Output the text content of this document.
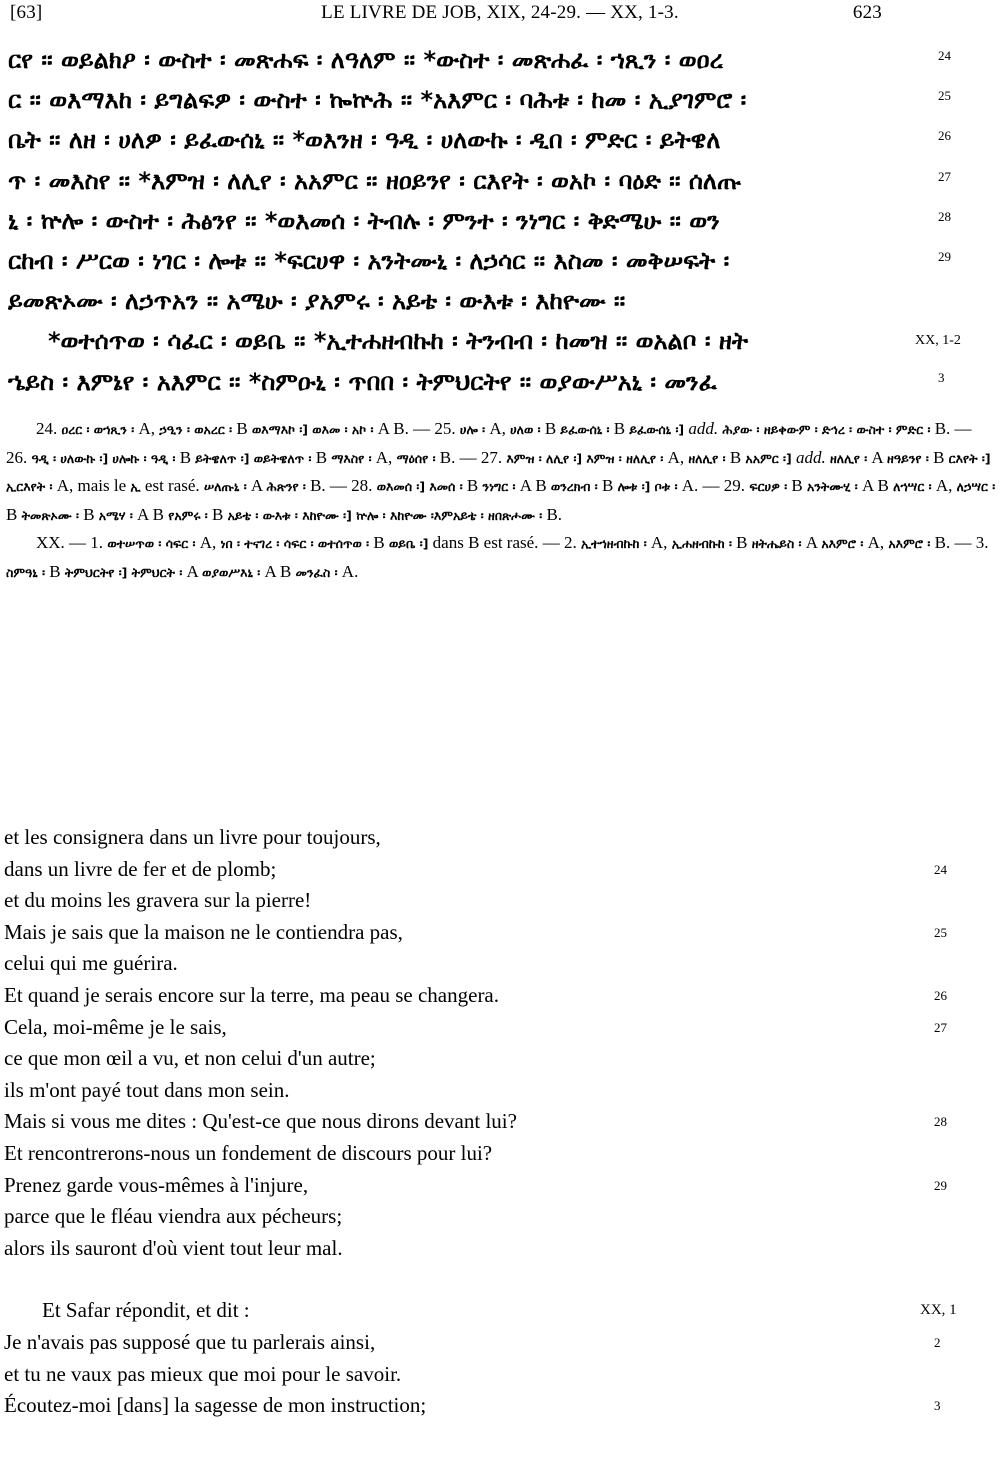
[63]	LE LIVRE DE JOB, XIX, 24-29. — XX, 1-3.	623
ርየ ፡፡ ወይልክዖ ፡ ውስተ ፡ መጽሐፍ ፡ ለዓለም ፡፡ *ውስተ ፡ መጽሐፈ ፡ ኀጺን ፡ ወዐረ	24
ር ፡፡ ወእማእከ ፡ ይግልፍዎ ፡ ውስተ ፡ ኰኵሕ ፡፡ *አእምር ፡ ባሕቱ ፡ ከመ ፡ ኢያገምሮ ፡	25
ቤት ፡፡ ለዘ ፡ ሀለዎ ፡ ይፈውሰኒ ፡፡ *ወእንዘ ፡ ዓዲ ፡ ሀለውኩ ፡ ዲበ ፡ ምድር ፡ ይትዌለ	26
ጥ ፡ መእስየ ፡፡ *እምዝ ፡ ለሊየ ፡ አአምር ፡፡ ዘዐይንየ ፡ ርእየት ፡ ወአኮ ፡ ባዕድ ፡፡ ሰለጡ	27
ኒ ፡ ኵሎ ፡ ውስተ ፡ ሕፅንየ ፡፡ *ወእመሰ ፡ ትብሉ ፡ ምንተ ፡ ንነግር ፡ ቅድሜሁ ፡፡ ወን	28
ርከብ ፡ ሥርወ ፡ ነገር ፡ ሎቱ ፡፡ *ፍርሀዋ ፡ አንትሙኒ ፡ ለኃሳር ፡፡ እስመ ፡ መቅሠፍት ፡	29
ይመጽኦሙ ፡ ለኃጥአን ፡፡ አሜሁ ፡ ያአምሩ ፡ አይቴ ፡ ውእቱ ፡ እከዮሙ ፡፡
*ወተሰጥወ ፡ ሳፈር ፡ ወይቤ ፡፡ *ኢተሐዘብኩከ ፡ ትንብብ ፡ ከመዝ ፡፡ ወአልቦ ፡ ዘት	XX, 1-2
ኄይስ ፡ እምኔየ ፡ አእምር ፡፡ *ስምዑኒ ፡ ጥበበ ፡ ትምህርትየ ፡፡ ወያውሥአኒ ፡ መንፈ	3

24. ዐረር ፡ ወኀጺን ፡ A, ኃዒን ፡ ወአረር ፡ B ወእማእኮ ፡] ወእመ ፡ አኮ ፡ A B. — 25. ሀሎ ፡ A, ሀለወ ፡ B ይፈውሰኒ ፡ B ይፈውሰኒ ፡] add. ሕያው ፡ ዘይቀውም ፡ ድኅረ ፡ ውስተ ፡ ምድር ፡ B. — 26. ዓዲ ፡ ሀለውኩ ፡] ሀሎኩ ፡ ዓዲ ፡ B ይትዌለጥ ፡] ወይትዌለጥ ፡ B ማእስየ ፡ A, ማዕሰየ ፡ B. — 27. እምዝ ፡ ለሊየ ፡] እምዝ ፡ ዘለሊየ ፡ A, ዘለሊየ ፡ B አአምር ፡] add. ዘለሊየ ፡ A ዘዓይንየ ፡ B ርእየት ፡] ኢርእየት ፡ A, mais le ኢ est rasé. ሠለጡኒ ፡ A ሕጽንየ ፡ B. — 28. ወእመሰ ፡] እመሰ ፡ B ንነግር ፡ A B ወንረክብ ፡ B ሎቱ ፡] ቦቱ ፡ A. — 29. ፍርሀዎ ፡ B አንትሙሂ ፡ A B ለኀሣር ፡ A, ለኃሣር ፡ B ትመጽኦሙ ፡ B አሜሃ ፡ A B የአምሩ ፡ B አይቴ ፡ ውእቱ ፡ እከዮሙ ፡] ኵሎ ፡ እከዮሙ ፡እምአይቴ ፡ ዘበጽሖሙ ፡ B.

XX. — 1. ወተሠጥወ ፡ ሳፍር ፡ A, ነበ ፡ ተናገረ ፡ ሳፍር ፡ ወተሰጥወ ፡ B ወይቤ ፡] dans B est rasé. — 2. ኢተኀዘብኩከ ፡ A, ኢሐዘብኩከ ፡ B ዘትሔይስ ፡ A አእምሮ ፡ A, አእምሮ ፡ B. — 3. ስምዓኒ ፡ B ትምህርትየ ፡] ትምህርት ፡ A ወያወሥእኒ ፡ A B መንፈስ ፡ A.

et les consignera dans un livre pour toujours,
dans un livre de fer et de plomb;	24
et du moins les gravera sur la pierre!
Mais je sais que la maison ne le contiendra pas,	25
celui qui me guérira.
Et quand je serais encore sur la terre, ma peau se changera.	26
Cela, moi-même je le sais,	27
ce que mon œil a vu, et non celui d'un autre;
ils m'ont payé tout dans mon sein.
Mais si vous me dites : Qu'est-ce que nous dirons devant lui?	28
Et rencontrerons-nous un fondement de discours pour lui?
Prenez garde vous-mêmes à l'injure,	29
parce que le fléau viendra aux pécheurs;
alors ils sauront d'où vient tout leur mal.
Et Safar répondit, et dit :	XX, 1
Je n'avais pas supposé que tu parlerais ainsi,	2
et tu ne vaux pas mieux que moi pour le savoir.
Écoutez-moi [dans] la sagesse de mon instruction;	3
